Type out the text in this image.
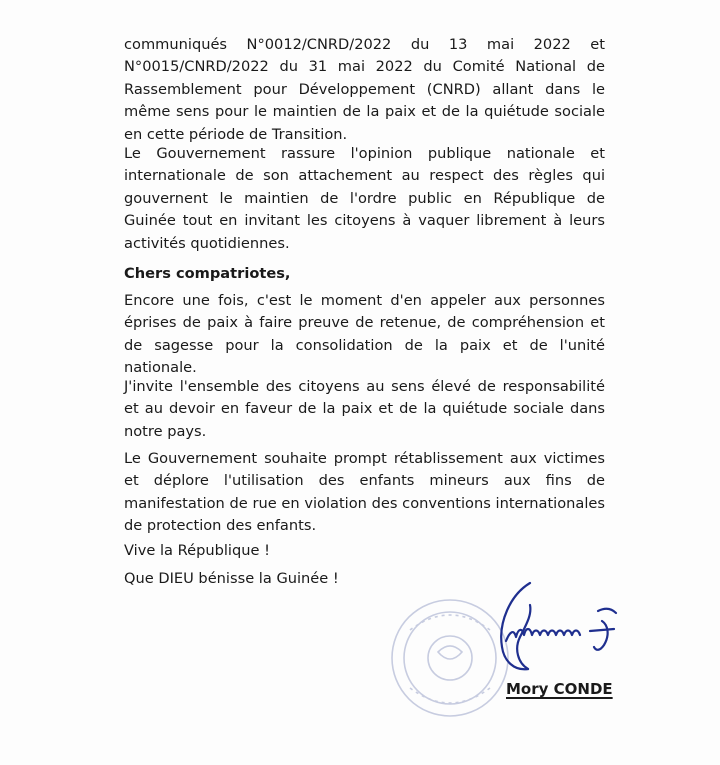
communiqués N°0012/CNRD/2022 du 13 mai 2022 et N°0015/CNRD/2022 du 31 mai 2022 du Comité National de Rassemblement pour Développement (CNRD) allant dans le même sens pour le maintien de la paix et de la quiétude sociale en cette période de Transition.

Le Gouvernement rassure l'opinion publique nationale et internationale de son attachement au respect des règles qui gouvernent le maintien de l'ordre public en République de Guinée tout en invitant les citoyens à vaquer librement à leurs activités quotidiennes.

Chers compatriotes,

Encore une fois, c'est le moment d'en appeler aux personnes éprises de paix à faire preuve de retenue, de compréhension et de sagesse pour la consolidation de la paix et de l'unité nationale.

J'invite l'ensemble des citoyens au sens élevé de responsabilité et au devoir en faveur de la paix et de la quiétude sociale dans notre pays.

Le Gouvernement souhaite prompt rétablissement aux victimes et déplore l'utilisation des enfants mineurs aux fins de manifestation de rue en violation des conventions internationales de protection des enfants.

Vive la République !

Que DIEU bénisse la Guinée !

Mory CONDE
